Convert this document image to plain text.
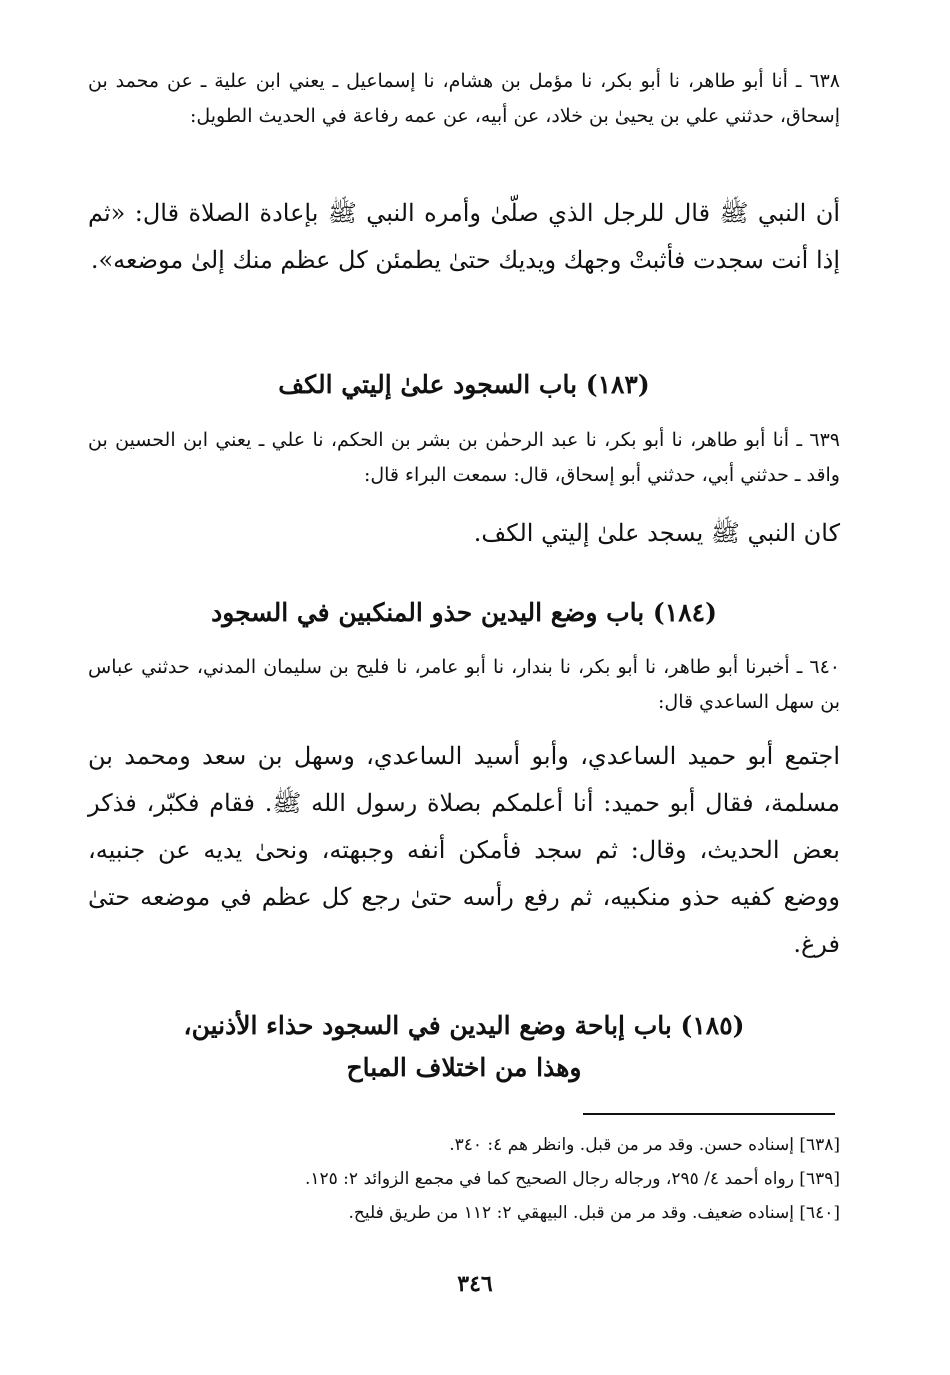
٦٣٨ ـ أنا أبو طاهر، نا أبو بكر، نا مؤمل بن هشام، نا إسماعيل ـ يعني ابن علية ـ عن محمد بن إسحاق، حدثني علي بن يحيىٰ بن خلاد، عن أبيه، عن عمه رفاعة في الحديث الطويل:

أن النبي ﷺ قال للرجل الذي صلّىٰ وأمره النبي ﷺ بإعادة الصلاة قال: «ثم إذا أنت سجدت فأثبتْ وجهك ويديك حتىٰ يطمئن كل عظم منك إلىٰ موضعه».

(١٨٣) باب السجود علىٰ إليتي الكف

٦٣٩ ـ أنا أبو طاهر، نا أبو بكر، نا عبد الرحمٰن بن بشر بن الحكم، نا علي ـ يعني ابن الحسين بن واقد ـ حدثني أبي، حدثني أبو إسحاق، قال: سمعت البراء قال:

كان النبي ﷺ يسجد علىٰ إليتي الكف.

(١٨٤) باب وضع اليدين حذو المنكبين في السجود

٦٤٠ ـ أخبرنا أبو طاهر، نا أبو بكر، نا بندار، نا أبو عامر، نا فليح بن سليمان المدني، حدثني عباس بن سهل الساعدي قال:

اجتمع أبو حميد الساعدي، وأبو أسيد الساعدي، وسهل بن سعد ومحمد بن مسلمة، فقال أبو حميد: أنا أعلمكم بصلاة رسول الله ﷺ. فقام فكبّر، فذكر بعض الحديث، وقال: ثم سجد فأمكن أنفه وجبهته، ونحىٰ يديه عن جنبيه، ووضع كفيه حذو منكبيه، ثم رفع رأسه حتىٰ رجع كل عظم في موضعه حتىٰ فرغ.

(١٨٥) باب إباحة وضع اليدين في السجود حذاء الأذنين،
وهذا من اختلاف المباح
[٦٣٨] إسناده حسن. وقد مر من قبل. وانظر هم ٤: ٣٤٠.
[٦٣٩] رواه أحمد ٤/ ٢٩٥، ورجاله رجال الصحيح كما في مجمع الزوائد ٢: ١٢٥.
[٦٤٠] إسناده ضعيف. وقد مر من قبل. البيهقي ٢: ١١٢ من طريق فليح.
٣٤٦
